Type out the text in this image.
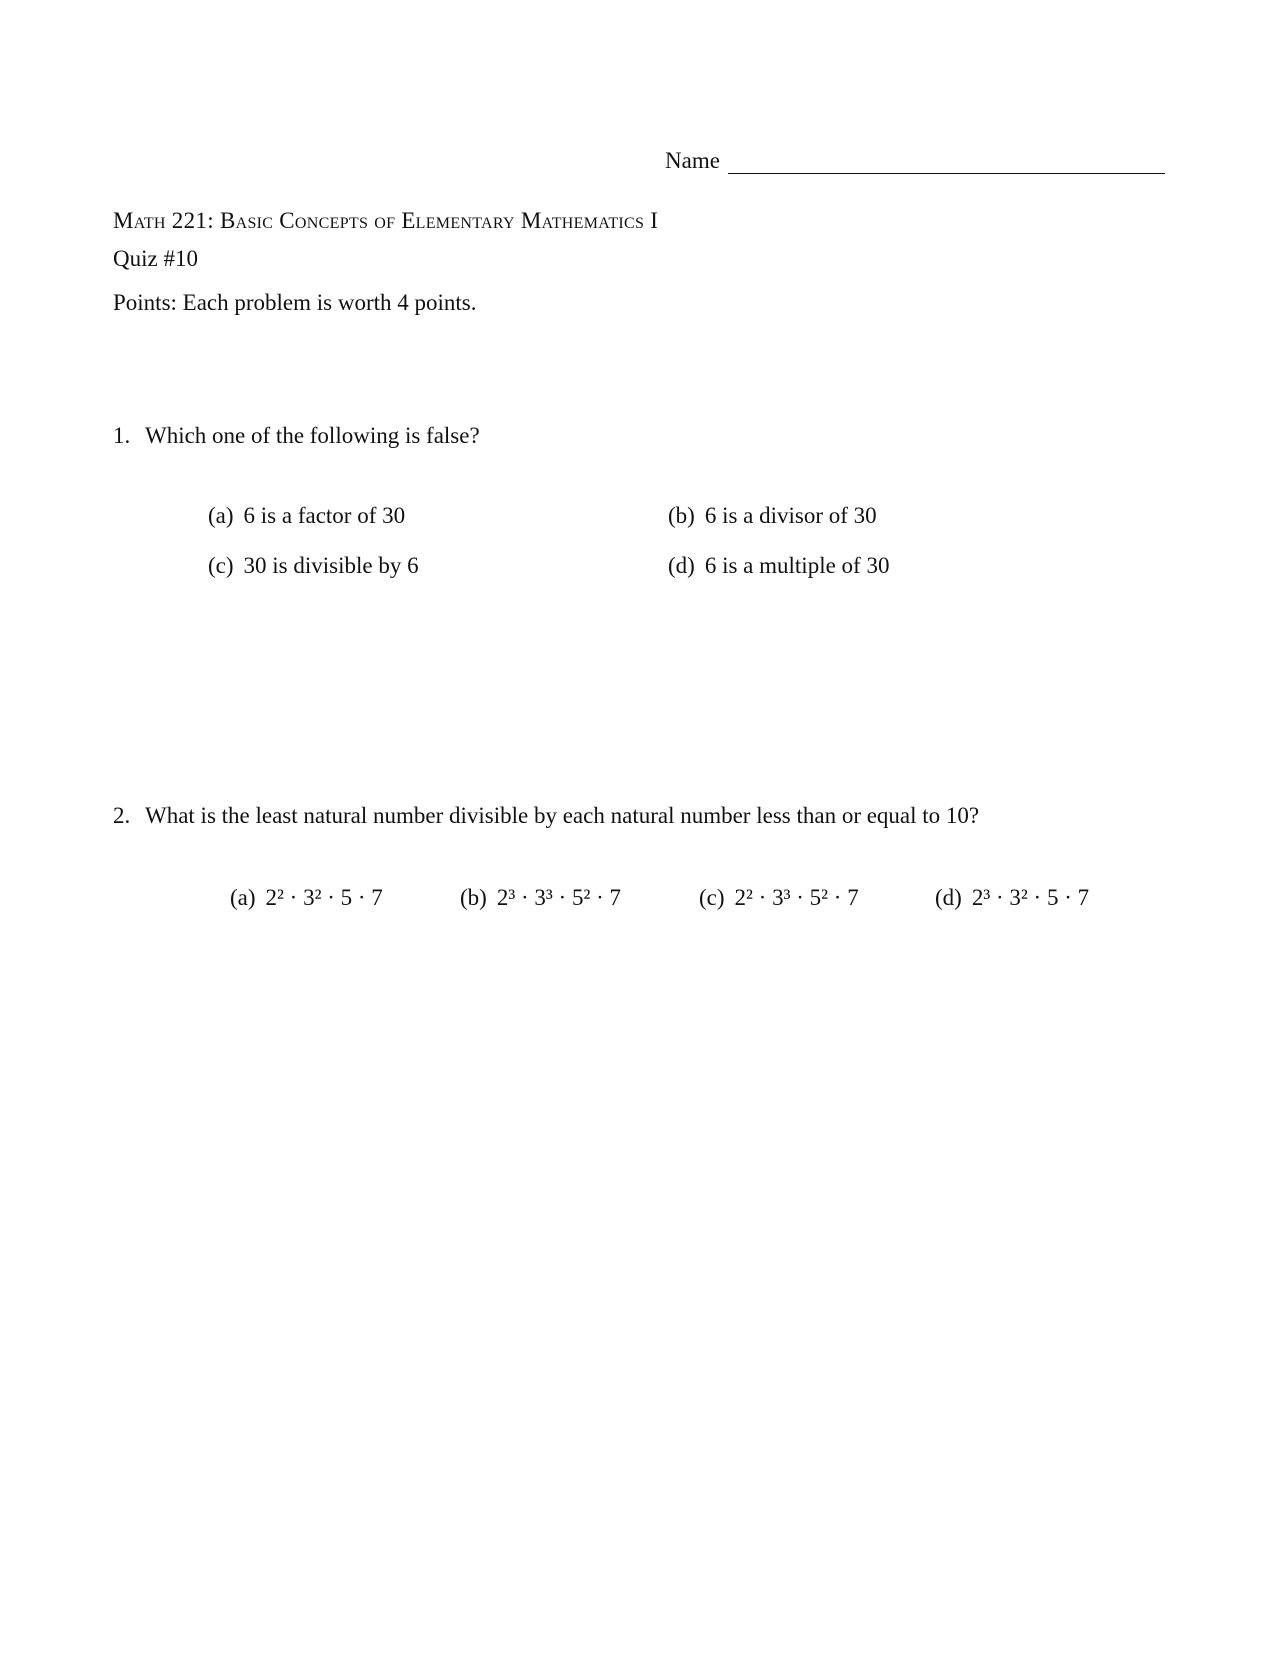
Name
Math 221: Basic Concepts of Elementary Mathematics I
Quiz #10
Points: Each problem is worth 4 points.
1. Which one of the following is false?
(a) 6 is a factor of 30	(b) 6 is a divisor of 30
(c) 30 is divisible by 6	(d) 6 is a multiple of 30
2. What is the least natural number divisible by each natural number less than or equal to 10?
(a) 2² · 3² · 5 · 7	(b) 2³ · 3³ · 5² · 7	(c) 2² · 3³ · 5² · 7	(d) 2³ · 3² · 5 · 7
